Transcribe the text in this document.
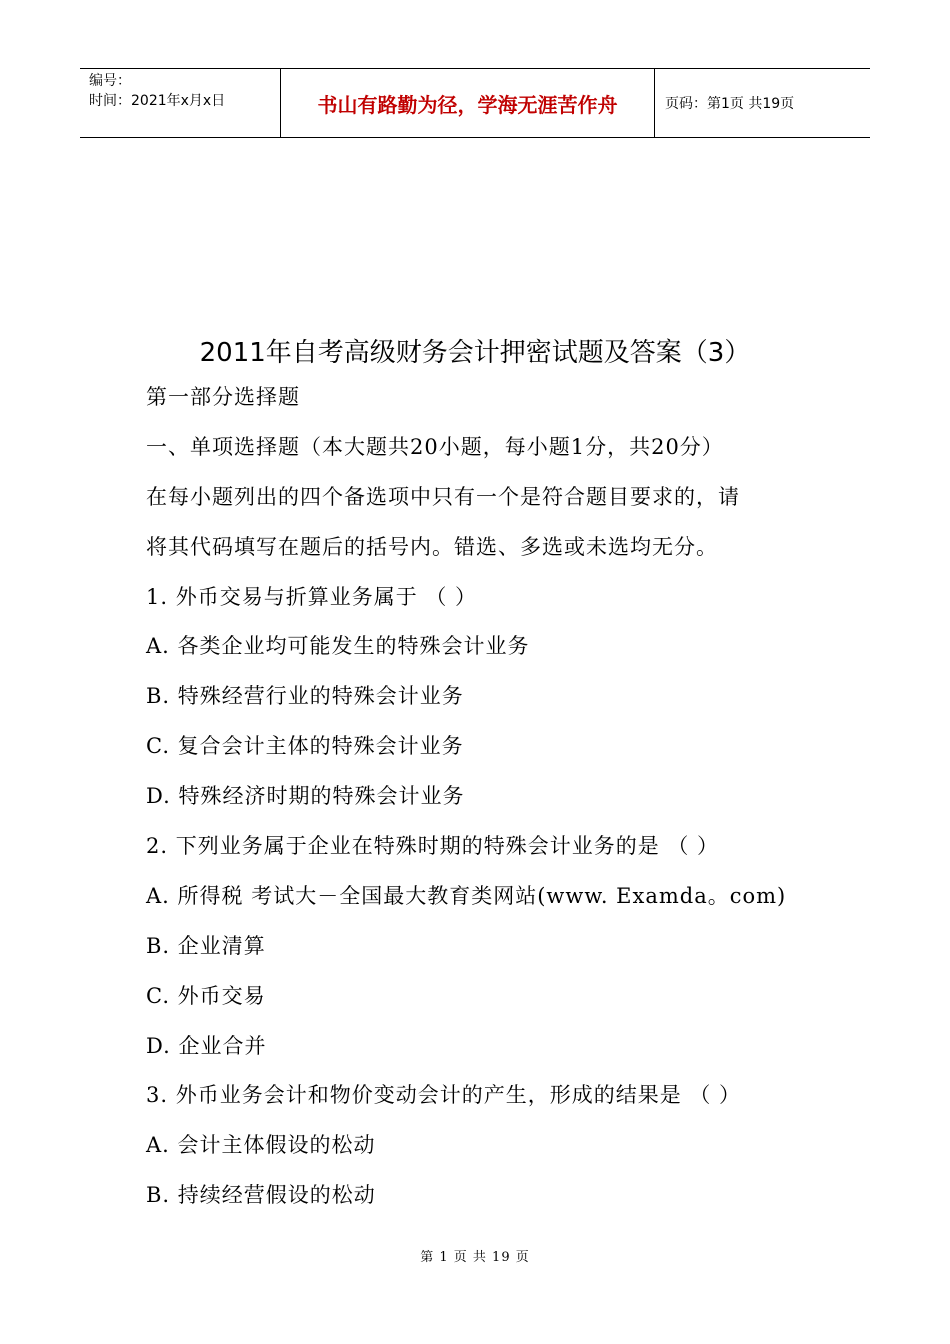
编号：
时间：2021年x月x日	书山有路勤为径，学海无涯苦作舟	页码：第1页 共19页
2011年自考高级财务会计押密试题及答案（3）
第一部分选择题
一、单项选择题（本大题共20小题，每小题1分，共20分）
在每小题列出的四个备选项中只有一个是符合题目要求的，请
将其代码填写在题后的括号内。错选、多选或未选均无分。
1. 外币交易与折算业务属于 （ ）
A. 各类企业均可能发生的特殊会计业务
B. 特殊经营行业的特殊会计业务
C. 复合会计主体的特殊会计业务
D. 特殊经济时期的特殊会计业务
2. 下列业务属于企业在特殊时期的特殊会计业务的是 （ ）
A. 所得税 考试大－全国最大教育类网站(www. Examda。com)
B. 企业清算
C. 外币交易
D. 企业合并
3. 外币业务会计和物价变动会计的产生，形成的结果是 （ ）
A. 会计主体假设的松动
B. 持续经营假设的松动
第 1 页 共 19 页
